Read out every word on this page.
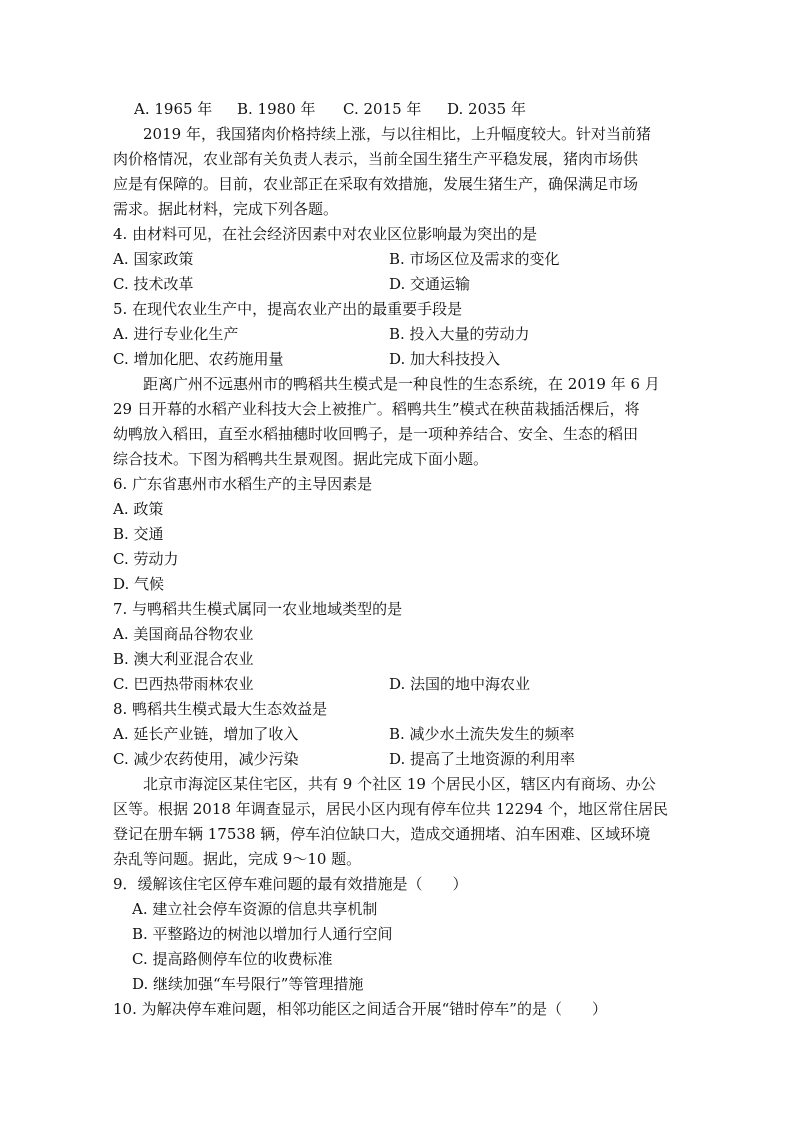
A. 1965 年 B. 1980 年 C. 2015 年 D. 2035 年
2019 年，我国猪肉价格持续上涨，与以往相比，上升幅度较大。针对当前猪
肉价格情况，农业部有关负责人表示，当前全国生猪生产平稳发展，猪肉市场供
应是有保障的。目前，农业部正在采取有效措施，发展生猪生产，确保满足市场
需求。据此材料，完成下列各题。
4. 由材料可见，在社会经济因素中对农业区位影响最为突出的是
A. 国家政策	B. 市场区位及需求的变化
C. 技术改革	D. 交通运输
5. 在现代农业生产中，提高农业产出的最重要手段是
A. 进行专业化生产	B. 投入大量的劳动力
C. 增加化肥、农药施用量	D. 加大科技投入
距离广州不远惠州市的鸭稻共生模式是一种良性的生态系统，在 2019 年 6 月
29 日开幕的水稻产业科技大会上被推广。稻鸭共生”模式在秧苗栽插活棵后，将
幼鸭放入稻田，直至水稻抽穗时收回鸭子，是一项种养结合、安全、生态的稻田
综合技术。下图为稻鸭共生景观图。据此完成下面小题。
6. 广东省惠州市水稻生产的主导因素是
A. 政策
B. 交通
C. 劳动力
D. 气候
7. 与鸭稻共生模式属同一农业地域类型的是
A. 美国商品谷物农业
B. 澳大利亚混合农业
C. 巴西热带雨林农业	D. 法国的地中海农业
8. 鸭稻共生模式最大生态效益是
A. 延长产业链，增加了收入	B. 减少水土流失发生的频率
C. 减少农药使用，减少污染	D. 提高了土地资源的利用率
北京市海淀区某住宅区，共有 9 个社区 19 个居民小区，辖区内有商场、办公
区等。根据 2018 年调查显示，居民小区内现有停车位共 12294 个，地区常住居民
登记在册车辆 17538 辆，停车泊位缺口大，造成交通拥堵、泊车困难、区域环境
杂乱等问题。据此，完成 9～10 题。
9．缓解该住宅区停车难问题的最有效措施是（　　）
A. 建立社会停车资源的信息共享机制
B. 平整路边的树池以增加行人通行空间
C. 提高路侧停车位的收费标准
D. 继续加强“车号限行”等管理措施
10. 为解决停车难问题，相邻功能区之间适合开展“错时停车”的是（　　）
